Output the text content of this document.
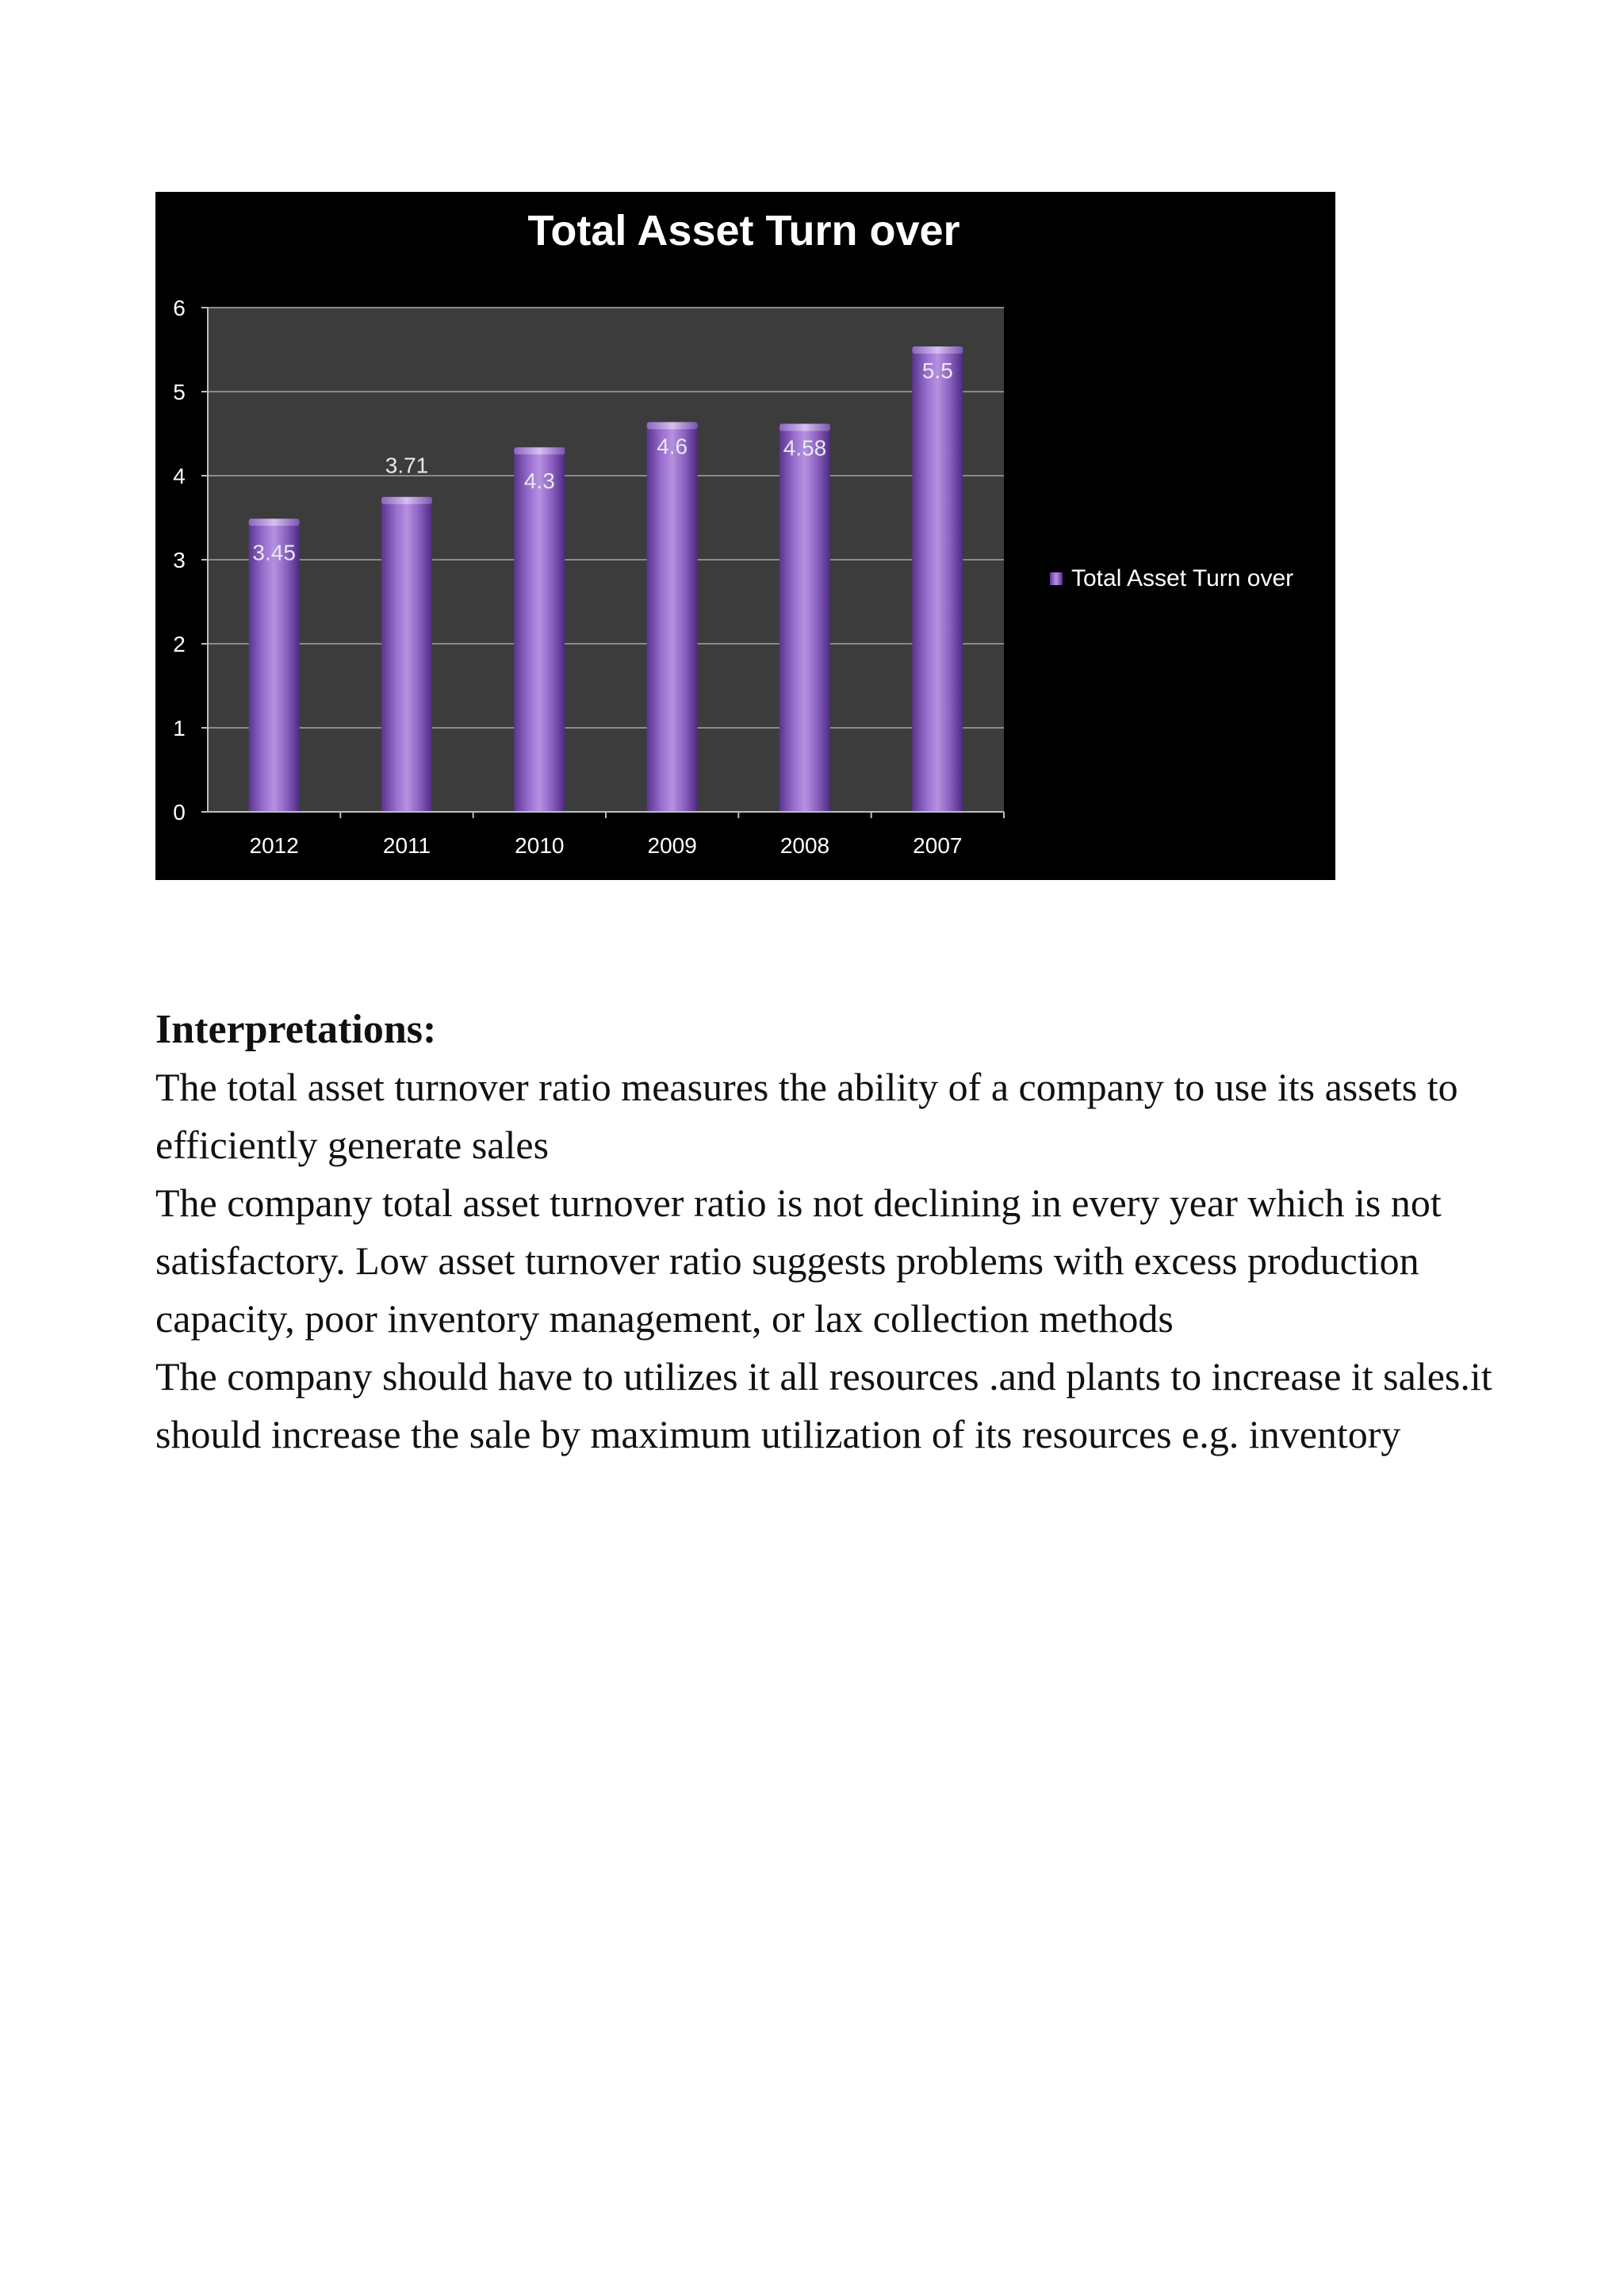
0
1
2
3
4
5
6
2012
3.45
2011
3.71
2010
4.3
2009
4.6
2008
4.58
2007
5.5
Total Asset Turn over
Total Asset Turn over

Interpretations:

The total asset turnover ratio measures the ability of a company to use its assets to efficiently generate sales

The company total asset turnover ratio is not declining in every year which is not satisfactory. Low asset turnover ratio suggests problems with excess production capacity, poor inventory management, or lax collection methods

The company should have to utilizes it all resources .and plants to increase it sales.it should increase the sale by maximum utilization of its resources e.g. inventory
